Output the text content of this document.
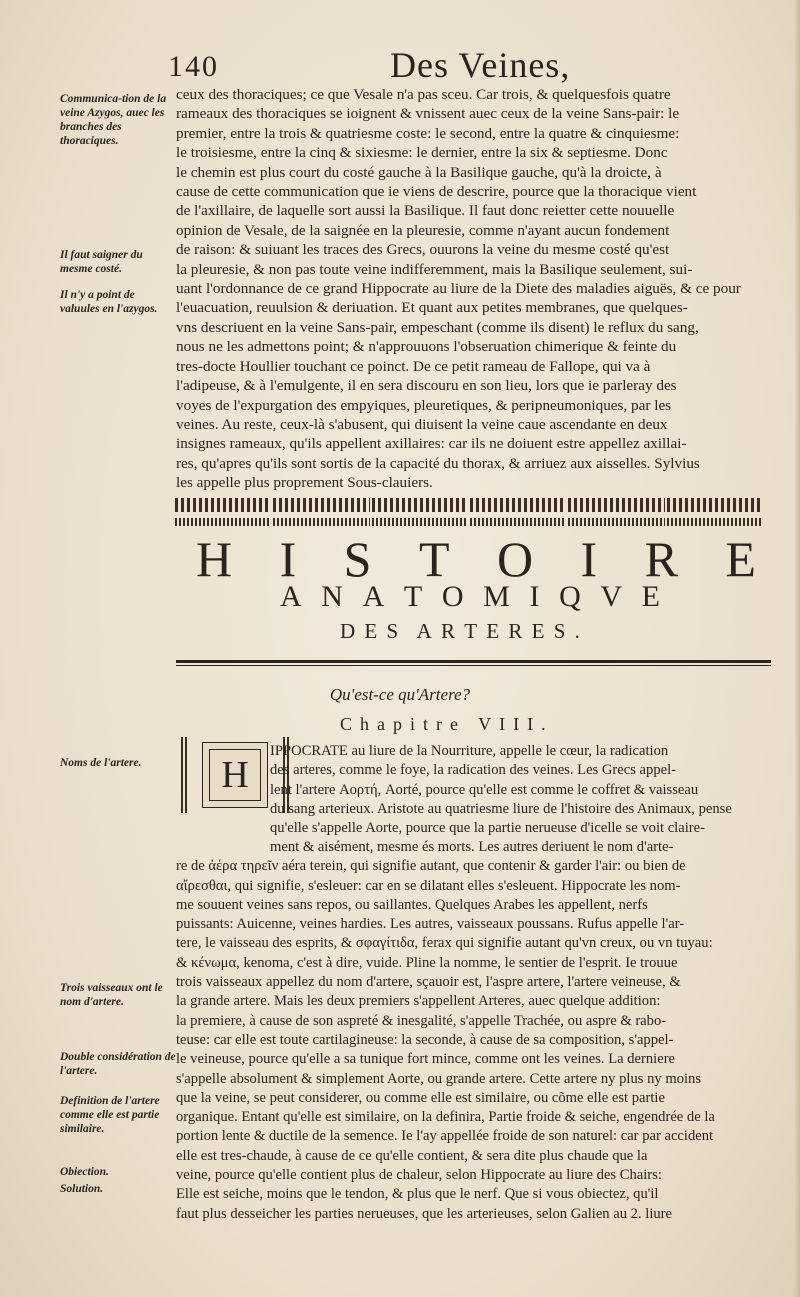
140	Des Veines,
Communica-tion de la veine Azygos, auec les branches des thoraciques.
Il faut saigner du mesme costé.
Il n'y a point de valuules en l'azygos.

ceux des thoraciques; ce que Vesale n'a pas sceu. Car trois, & quelquesfois quatre

rameaux des thoraciques se ioignent & vnissent auec ceux de la veine Sans-pair: le

premier, entre la trois & quatriesme coste: le second, entre la quatre & cinquiesme:

le troisiesme, entre la cinq & sixiesme: le dernier, entre la six & septiesme. Donc

le chemin est plus court du costé gauche à la Basilique gauche, qu'à la droicte, à

cause de cette communication que ie viens de descrire, pource que la thoracique vient

de l'axillaire, de laquelle sort aussi la Basilique. Il faut donc reietter cette nouuelle

opinion de Vesale, de la saignée en la pleuresie, comme n'ayant aucun fondement

de raison: & suiuant les traces des Grecs, ouurons la veine du mesme costé qu'est

la pleuresie, & non pas toute veine indifferemment, mais la Basilique seulement, sui-

uant l'ordonnance de ce grand Hippocrate au liure de la Diete des maladies aiguës, & ce pour

l'euacuation, reuulsion & deriuation. Et quant aux petites membranes, que quelques-

vns descriuent en la veine Sans-pair, empeschant (comme ils disent) le reflux du sang,

nous ne les admettons point; & n'approuuons l'obseruation chimerique & feinte du

tres-docte Houllier touchant ce poinct. De ce petit rameau de Fallope, qui va à

l'adipeuse, & à l'emulgente, il en sera discouru en son lieu, lors que ie parleray des

voyes de l'expurgation des empyiques, pleuretiques, & peripneumoniques, par les

veines. Au reste, ceux-là s'abusent, qui diuisent la veine caue ascendante en deux

insignes rameaux, qu'ils appellent axillaires: car ils ne doiuent estre appellez axillai-

res, qu'apres qu'ils sont sortis de la capacité du thorax, & arriuez aux aisselles. Sylvius

les appelle plus proprement Sous-clauiers.

H I S T O I R E
A N A T O M I Q V E
D E S A R T E R E S .
Qu'est-ce qu'Artere?
Chapitre VIII.
H
Noms de l'artere.
Trois vaisseaux ont le nom d'artere.
Double considération de l'artere.
Definition de l'artere comme elle est partie similaire.
Obiection.
Solution.

IPPOCRATE au liure de la Nourriture, appelle le cœur, la radication

des arteres, comme le foye, la radication des veines. Les Grecs appel-

lent l'artere Αορτή, Aorté, pource qu'elle est comme le coffret & vaisseau

du sang arterieux. Aristote au quatriesme liure de l'histoire des Animaux, pense

qu'elle s'appelle Aorte, pource que la partie nerueuse d'icelle se voit claire-

ment & aisément, mesme és morts. Les autres deriuent le nom d'arte-

re de ἀέρα τηρεῖν aéra terein, qui signifie autant, que contenir & garder l'air: ou bien de

αἴρεσθαι, qui signifie, s'esleuer: car en se dilatant elles s'esleuent. Hippocrate les nom-

me souuent veines sans repos, ou saillantes. Quelques Arabes les appellent, nerfs

puissants: Auicenne, veines hardies. Les autres, vaisseaux poussans. Rufus appelle l'ar-

tere, le vaisseau des esprits, & σφαγίτιδα, ferax qui signifie autant qu'vn creux, ou vn tuyau:

& κένωμα, kenoma, c'est à dire, vuide. Pline la nomme, le sentier de l'esprit. Ie trouue

trois vaisseaux appellez du nom d'artere, sçauoir est, l'aspre artere, l'artere veineuse, &

la grande artere. Mais les deux premiers s'appellent Arteres, auec quelque addition:

la premiere, à cause de son aspreté & inesgalité, s'appelle Trachée, ou aspre & rabo-

teuse: car elle est toute cartilagineuse: la seconde, à cause de sa composition, s'appel-

le veineuse, pource qu'elle a sa tunique fort mince, comme ont les veines. La derniere

s'appelle absolument & simplement Aorte, ou grande artere. Cette artere ny plus ny moins

que la veine, se peut considerer, ou comme elle est similaire, ou cõme elle est partie

organique. Entant qu'elle est similaire, on la definira, Partie froide & seiche, engendrée de la

portion lente & ductile de la semence. Ie l'ay appellée froide de son naturel: car par accident

elle est tres-chaude, à cause de ce qu'elle contient, & sera dite plus chaude que la

veine, pource qu'elle contient plus de chaleur, selon Hippocrate au liure des Chairs:

Elle est seiche, moins que le tendon, & plus que le nerf. Que si vous obiectez, qu'il

faut plus desseicher les parties nerueuses, que les arterieuses, selon Galien au 2. liure
